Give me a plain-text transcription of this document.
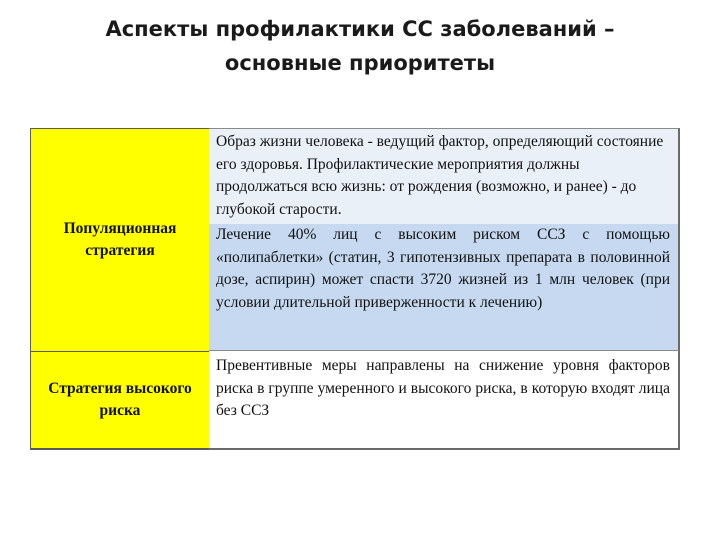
Аспекты профилактики СС заболеваний –
основные приоритеты
Популяционная
стратегия
Образ жизни человека - ведущий фактор, определяющий состояние его здоровья. Профилактические мероприятия должны продолжаться всю жизнь: от рождения (возможно, и ранее) - до глубокой старости.
Лечение 40% лиц с высоким риском ССЗ с помощью «полипаблетки» (статин, 3 гипотензивных препарата в половинной дозе, аспирин) может спасти 3720 жизней из 1 млн человек (при условии длительной приверженности к лечению)
Стратегия высокого
риска
Превентивные меры направлены на снижение уровня факторов риска в группе умеренного и высокого риска, в которую входят лица без ССЗ
